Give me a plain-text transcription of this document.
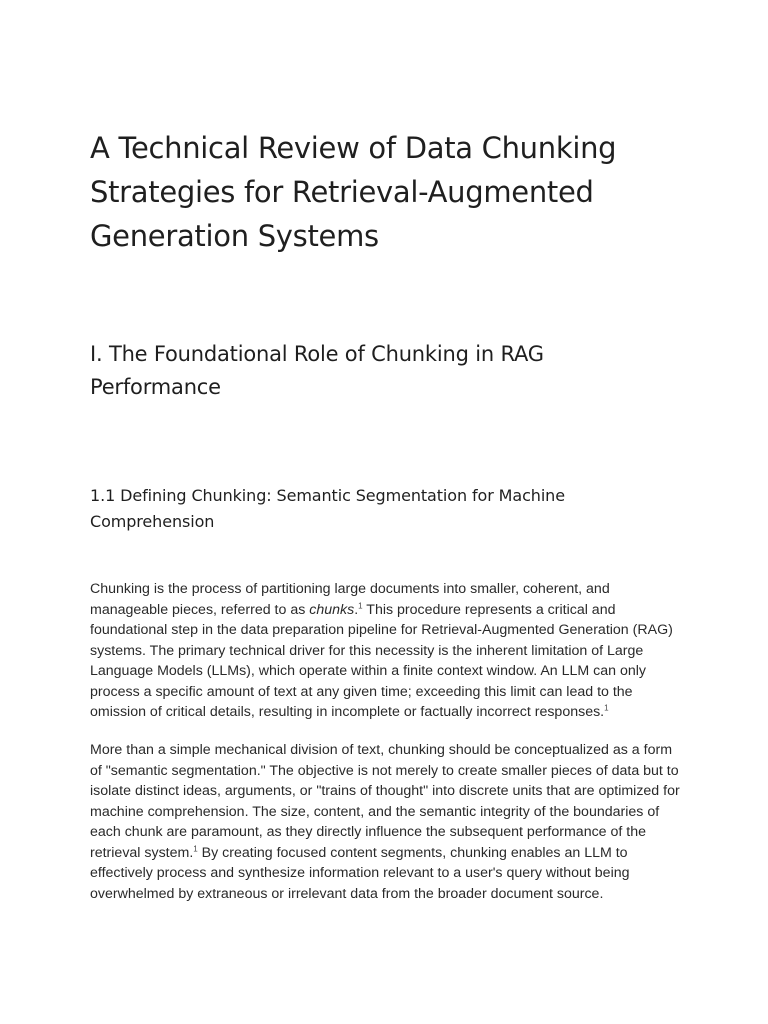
A Technical Review of Data Chunking Strategies for Retrieval-Augmented Generation Systems
I. The Foundational Role of Chunking in RAG Performance
1.1 Defining Chunking: Semantic Segmentation for Machine Comprehension

Chunking is the process of partitioning large documents into smaller, coherent, and manageable pieces, referred to as chunks.$^1$ This procedure represents a critical and foundational step in the data preparation pipeline for Retrieval-Augmented Generation (RAG) systems. The primary technical driver for this necessity is the inherent limitation of Large Language Models (LLMs), which operate within a finite context window. An LLM can only process a specific amount of text at any given time; exceeding this limit can lead to the omission of critical details, resulting in incomplete or factually incorrect responses.$^1$

More than a simple mechanical division of text, chunking should be conceptualized as a form of "semantic segmentation." The objective is not merely to create smaller pieces of data but to isolate distinct ideas, arguments, or "trains of thought" into discrete units that are optimized for machine comprehension. The size, content, and the semantic integrity of the boundaries of each chunk are paramount, as they directly influence the subsequent performance of the retrieval system.$^1$ By creating focused content segments, chunking enables an LLM to effectively process and synthesize information relevant to a user's query without being overwhelmed by extraneous or irrelevant data from the broader document source.
